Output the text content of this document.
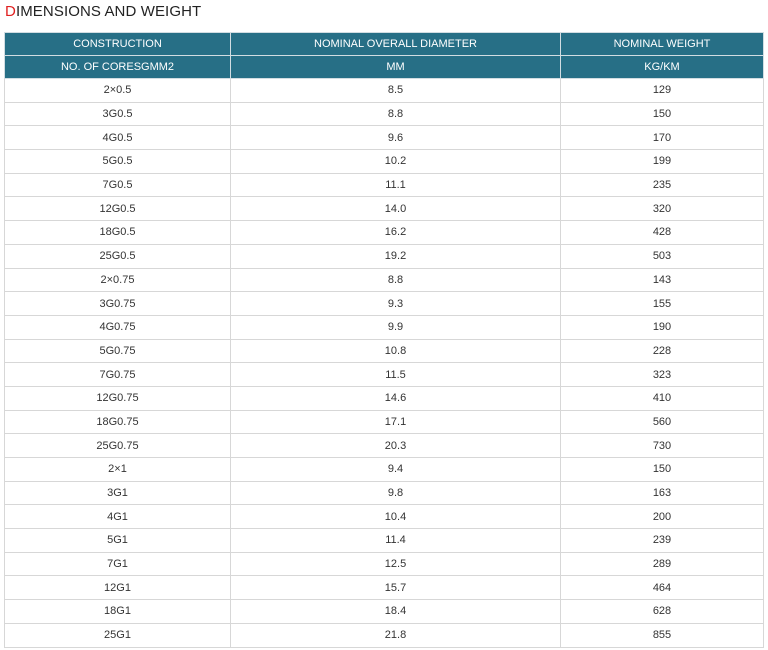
DIMENSIONS AND WEIGHT
CONSTRUCTION	NOMINAL OVERALL DIAMETER	NOMINAL WEIGHT
NO. OF CORESGMM2	MM	KG/KM
2×0.5	8.5	129
3G0.5	8.8	150
4G0.5	9.6	170
5G0.5	10.2	199
7G0.5	11.1	235
12G0.5	14.0	320
18G0.5	16.2	428
25G0.5	19.2	503
2×0.75	8.8	143
3G0.75	9.3	155
4G0.75	9.9	190
5G0.75	10.8	228
7G0.75	11.5	323
12G0.75	14.6	410
18G0.75	17.1	560
25G0.75	20.3	730
2×1	9.4	150
3G1	9.8	163
4G1	10.4	200
5G1	11.4	239
7G1	12.5	289
12G1	15.7	464
18G1	18.4	628
25G1	21.8	855
